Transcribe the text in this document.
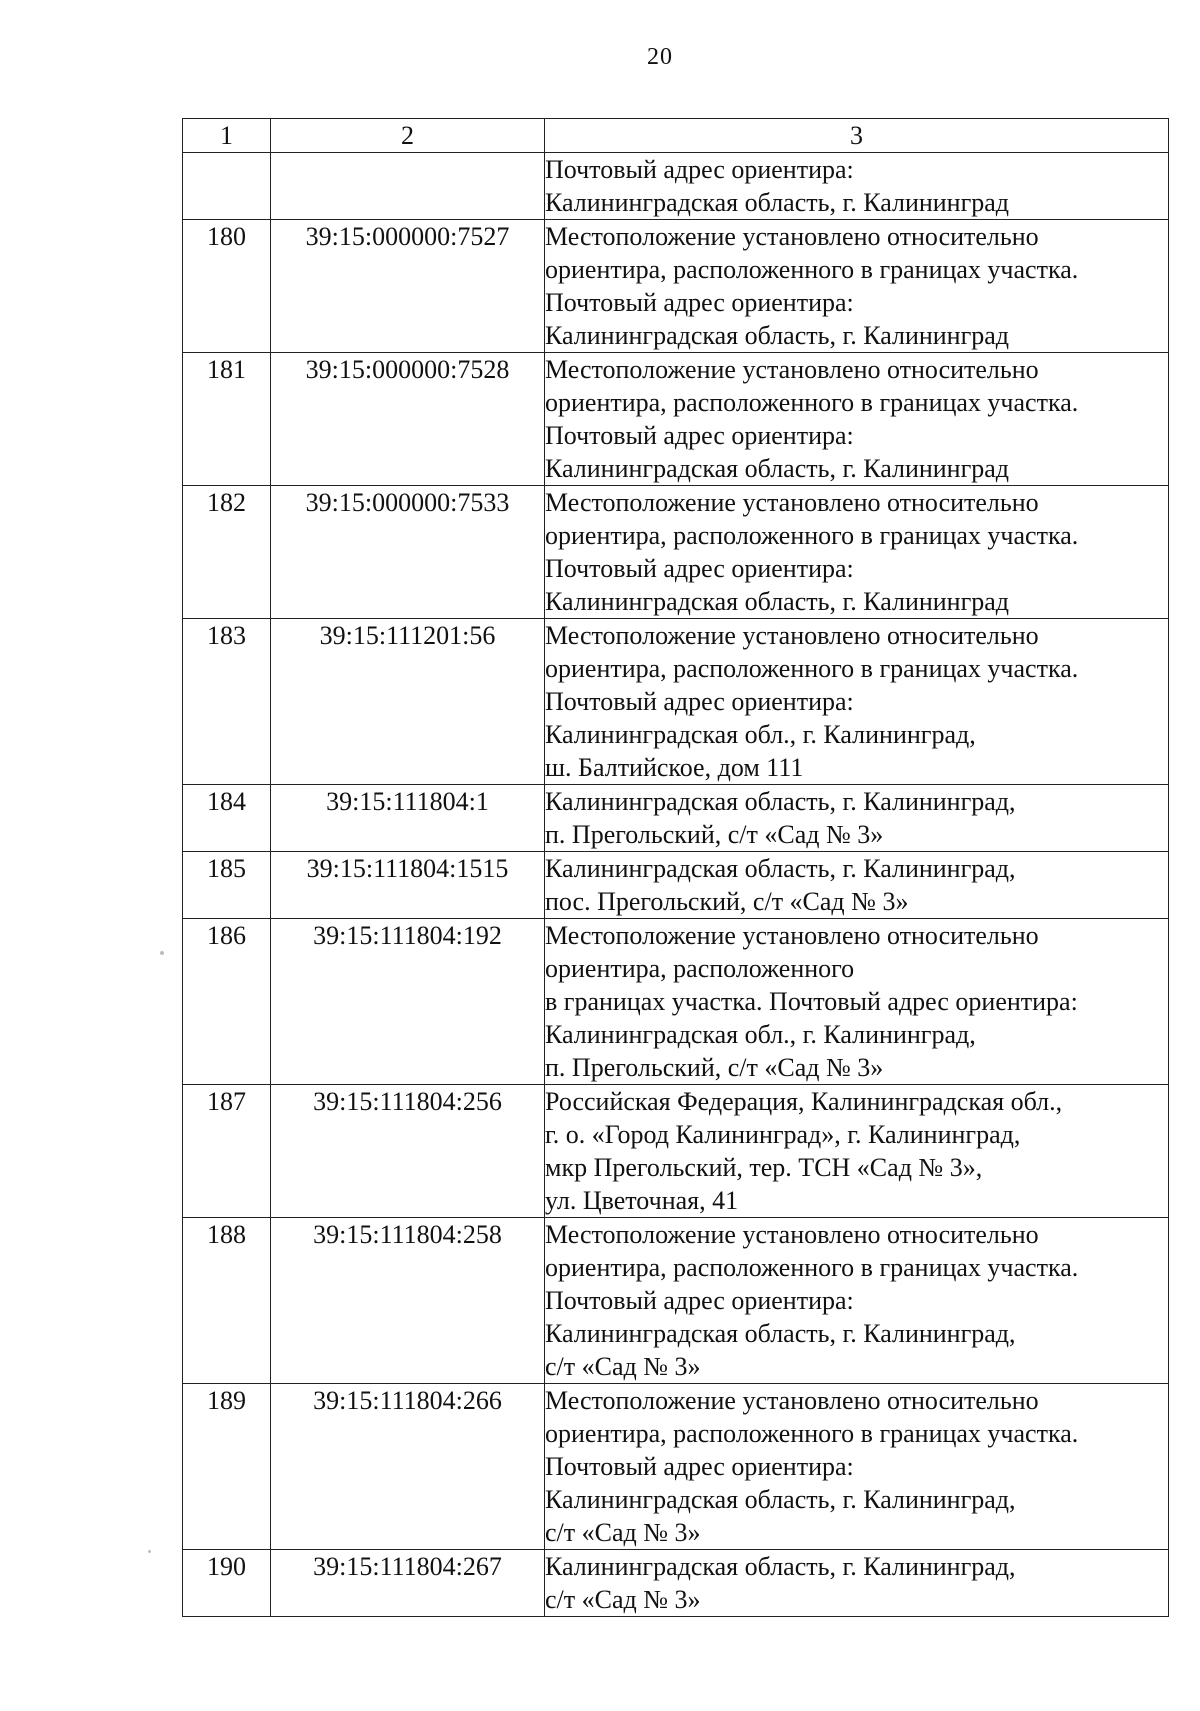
20
1	2	3

		Почтовый адрес ориентира:
Калининградская область, г. Калининград

180	39:15:000000:7527	Местоположение установлено относительно
ориентира, расположенного в границах участка.
Почтовый адрес ориентира:
Калининградская область, г. Калининград

181	39:15:000000:7528	Местоположение установлено относительно
ориентира, расположенного в границах участка.
Почтовый адрес ориентира:
Калининградская область, г. Калининград

182	39:15:000000:7533	Местоположение установлено относительно
ориентира, расположенного в границах участка.
Почтовый адрес ориентира:
Калининградская область, г. Калининград

183	39:15:111201:56	Местоположение установлено относительно
ориентира, расположенного в границах участка.
Почтовый адрес ориентира:
Калининградская обл., г. Калининград,
ш. Балтийское, дом 111

184	39:15:111804:1	Калининградская область, г. Калининград,
п. Прегольский, с/т «Сад № 3»

185	39:15:111804:1515	Калининградская область, г. Калининград,
пос. Прегольский, с/т «Сад № 3»

186	39:15:111804:192	Местоположение установлено относительно
ориентира, расположенного
в границах участка. Почтовый адрес ориентира:
Калининградская обл., г. Калининград,
п. Прегольский, с/т «Сад № 3»

187	39:15:111804:256	Российская Федерация, Калининградская обл.,
г. о. «Город Калининград», г. Калининград,
мкр Прегольский, тер. ТСН «Сад № 3»,
ул. Цветочная, 41

188	39:15:111804:258	Местоположение установлено относительно
ориентира, расположенного в границах участка.
Почтовый адрес ориентира:
Калининградская область, г. Калининград,
с/т «Сад № 3»

189	39:15:111804:266	Местоположение установлено относительно
ориентира, расположенного в границах участка.
Почтовый адрес ориентира:
Калининградская область, г. Калининград,
с/т «Сад № 3»

190	39:15:111804:267	Калининградская область, г. Калининград,
с/т «Сад № 3»
